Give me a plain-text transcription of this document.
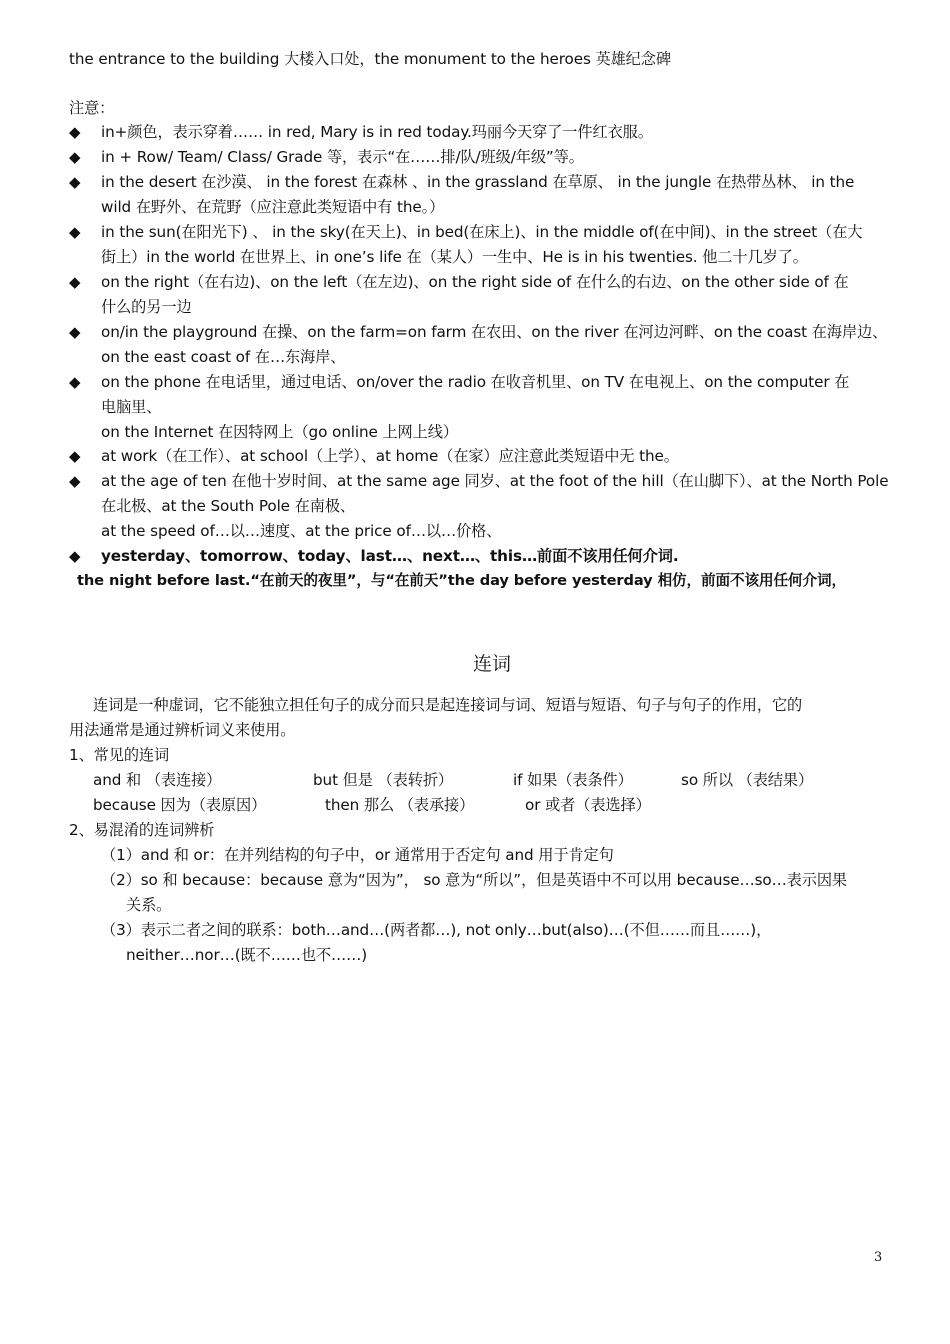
the entrance to the building 大楼入口处，the monument to the heroes 英雄纪念碑
注意：
◆ in+颜色，表示穿着…… in red, Mary is in red today.玛丽今天穿了一件红衣服。
◆ in + Row/ Team/ Class/ Grade 等，表示“在……排/队/班级/年级”等。
◆ in the desert 在沙漠、 in the forest 在森林 、in the grassland 在草原、 in the jungle 在热带丛林、 in the
wild 在野外、在荒野（应注意此类短语中有 the。）
◆ in the sun(在阳光下) 、 in the sky(在天上)、in bed(在床上)、in the middle of(在中间)、in the street（在大
街上）in the world 在世界上、in one’s life 在（某人）一生中、He is in his twenties. 他二十几岁了。
◆ on the right（在右边)、on the left（在左边)、on the right side of 在什么的右边、on the other side of 在
什么的另一边
◆ on/in the playground 在操、on the farm=on farm 在农田、on the river 在河边河畔、on the coast 在海岸边、
on the east coast of 在…东海岸、
◆ on the phone 在电话里，通过电话、on/over the radio 在收音机里、on TV 在电视上、on the computer 在
电脑里、
on the Internet 在因特网上（go online 上网上线）
◆ at work（在工作）、at school（上学）、at home（在家）应注意此类短语中无 the。
◆ at the age of ten 在他十岁时间、at the same age 同岁、at the foot of the hill（在山脚下）、at the North Pole
在北极、at the South Pole 在南极、
at the speed of…以…速度、at the price of…以…价格、
◆ yesterday、tomorrow、today、last…、next…、this…前面不该用任何介词.
the night before last.“在前天的夜里”，与“在前天”the day before yesterday 相仿，前面不该用任何介词，
连词
连词是一种虚词，它不能独立担任句子的成分而只是起连接词与词、短语与短语、句子与句子的作用，它的
用法通常是通过辨析词义来使用。
1、常见的连词
and 和 （表连接）	but 但是 （表转折）	if 如果（表条件）	so 所以 （表结果）
because 因为（表原因）	then 那么 （表承接）	or 或者（表选择）
2、易混淆的连词辨析
（1）and 和 or：在并列结构的句子中，or 通常用于否定句 and 用于肯定句
（2）so 和 because：because 意为“因为”， so 意为“所以”，但是英语中不可以用 because…so…表示因果
关系。
（3）表示二者之间的联系：both…and…(两者都…), not only…but(also)…(不但……而且……)，
neither…nor…(既不……也不……)
3
